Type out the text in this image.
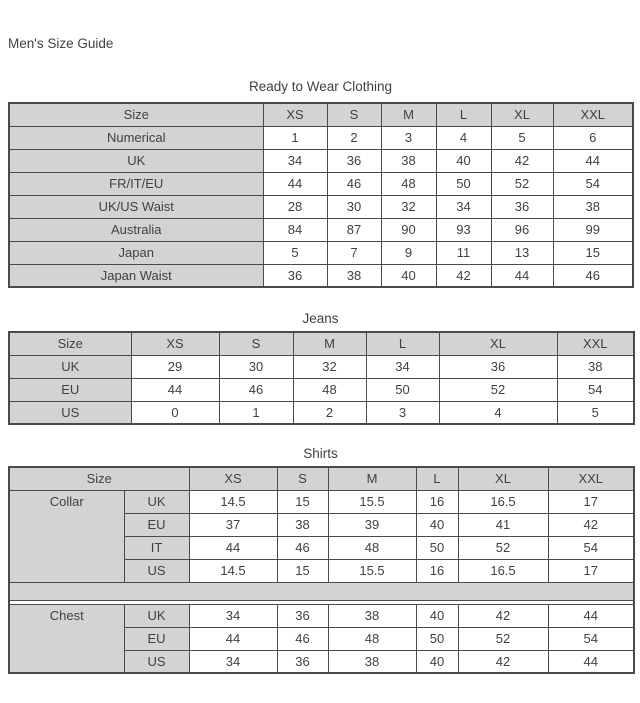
Men's Size Guide
Ready to Wear Clothing
Size	XS	S	M	L	XL	XXL
Numerical	1	2	3	4	5	6
UK	34	36	38	40	42	44
FR/IT/EU	44	46	48	50	52	54
UK/US Waist	28	30	32	34	36	38
Australia	84	87	90	93	96	99
Japan	5	7	9	11	13	15
Japan Waist	36	38	40	42	44	46
Jeans
Size	XS	S	M	L	XL	XXL
UK	29	30	32	34	36	38
EU	44	46	48	50	52	54
US	0	1	2	3	4	5
Shirts
Size		XS	S	M	L	XL	XXL
Collar	UK	14.5	15	15.5	16	16.5	17
	EU	37	38	39	40	41	42
	IT	44	46	48	50	52	54
	US	14.5	15	15.5	16	16.5	17

Chest	UK	34	36	38	40	42	44
	EU	44	46	48	50	52	54
	US	34	36	38	40	42	44
